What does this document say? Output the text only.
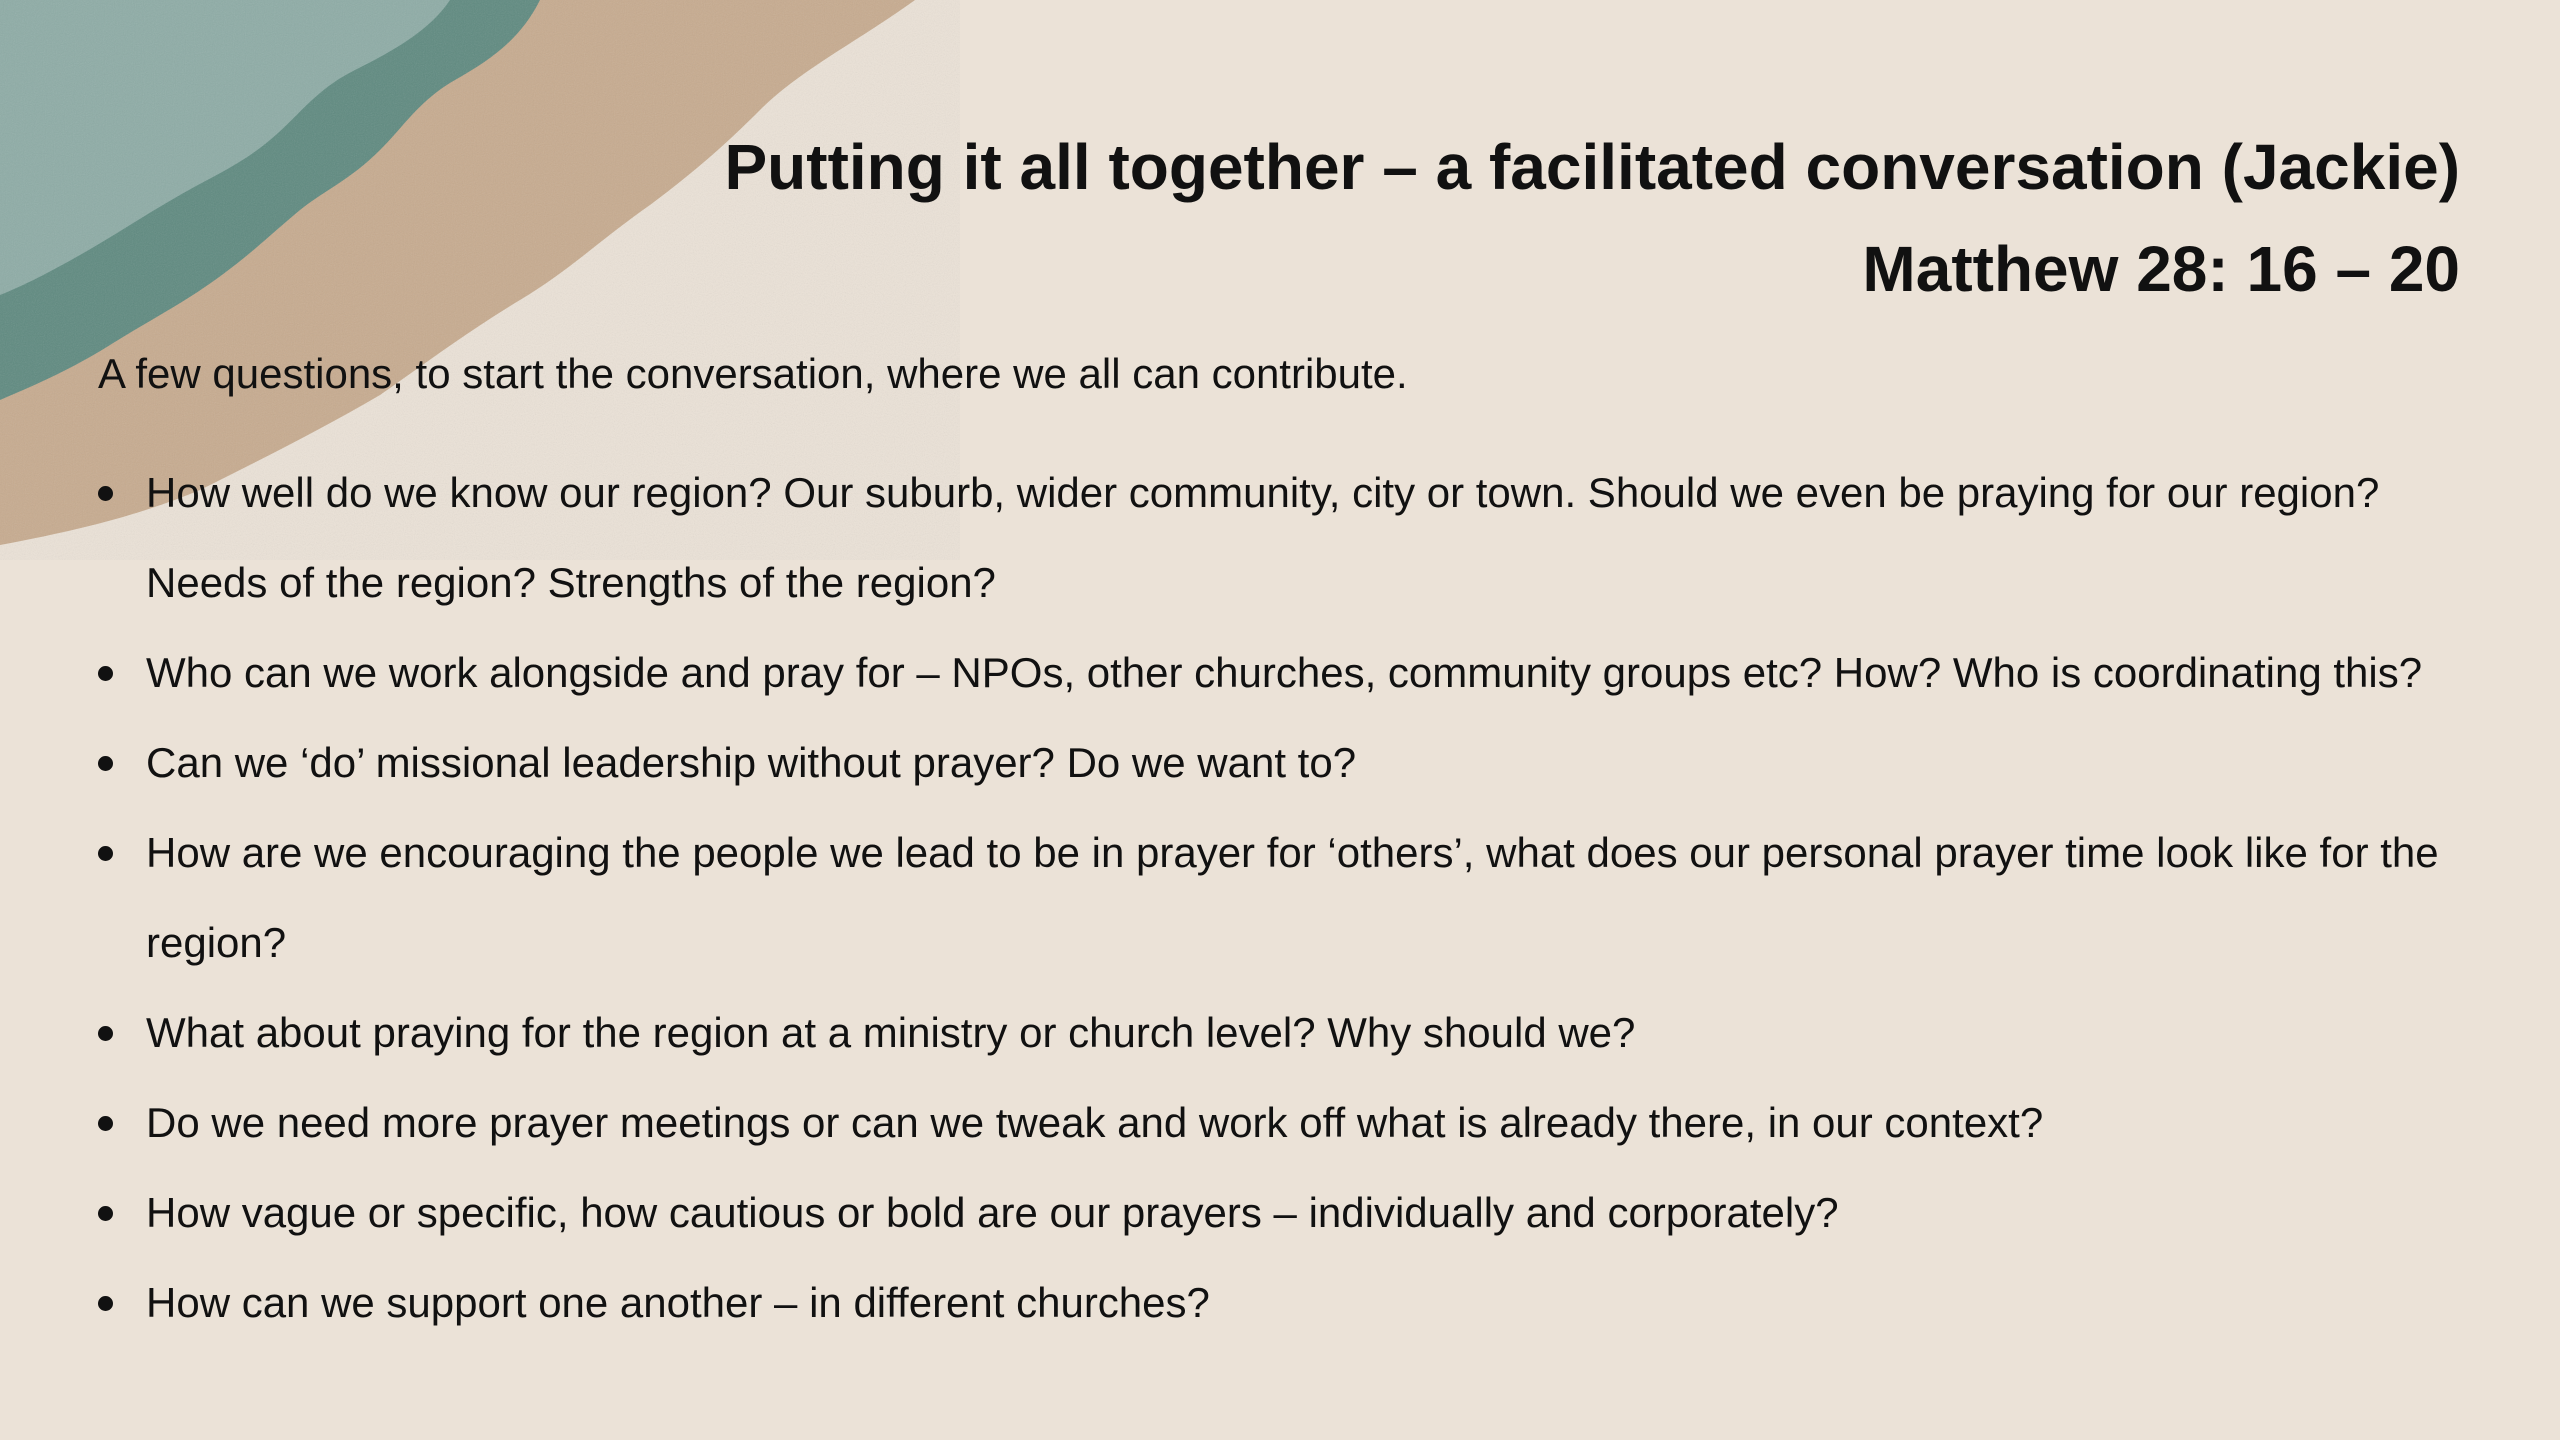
Putting it all together – a facilitated conversation (Jackie)
Matthew 28: 16 – 20

A few questions, to start the conversation, where we all can contribute.

How well do we know our region? Our suburb, wider community, city or town. Should we even be praying for our region? Needs of the region? Strengths of the region?
Who can we work alongside and pray for – NPOs, other churches, community groups etc? How? Who is coordinating this?
Can we ‘do’ missional leadership without prayer? Do we want to?
How are we encouraging the people we lead to be in prayer for ‘others’, what does our personal prayer time look like for the region?
What about praying for the region at a ministry or church level? Why should we?
Do we need more prayer meetings or can we tweak and work off what is already there, in our context?
How vague or specific, how cautious or bold are our prayers – individually and corporately?
How can we support one another – in different churches?
